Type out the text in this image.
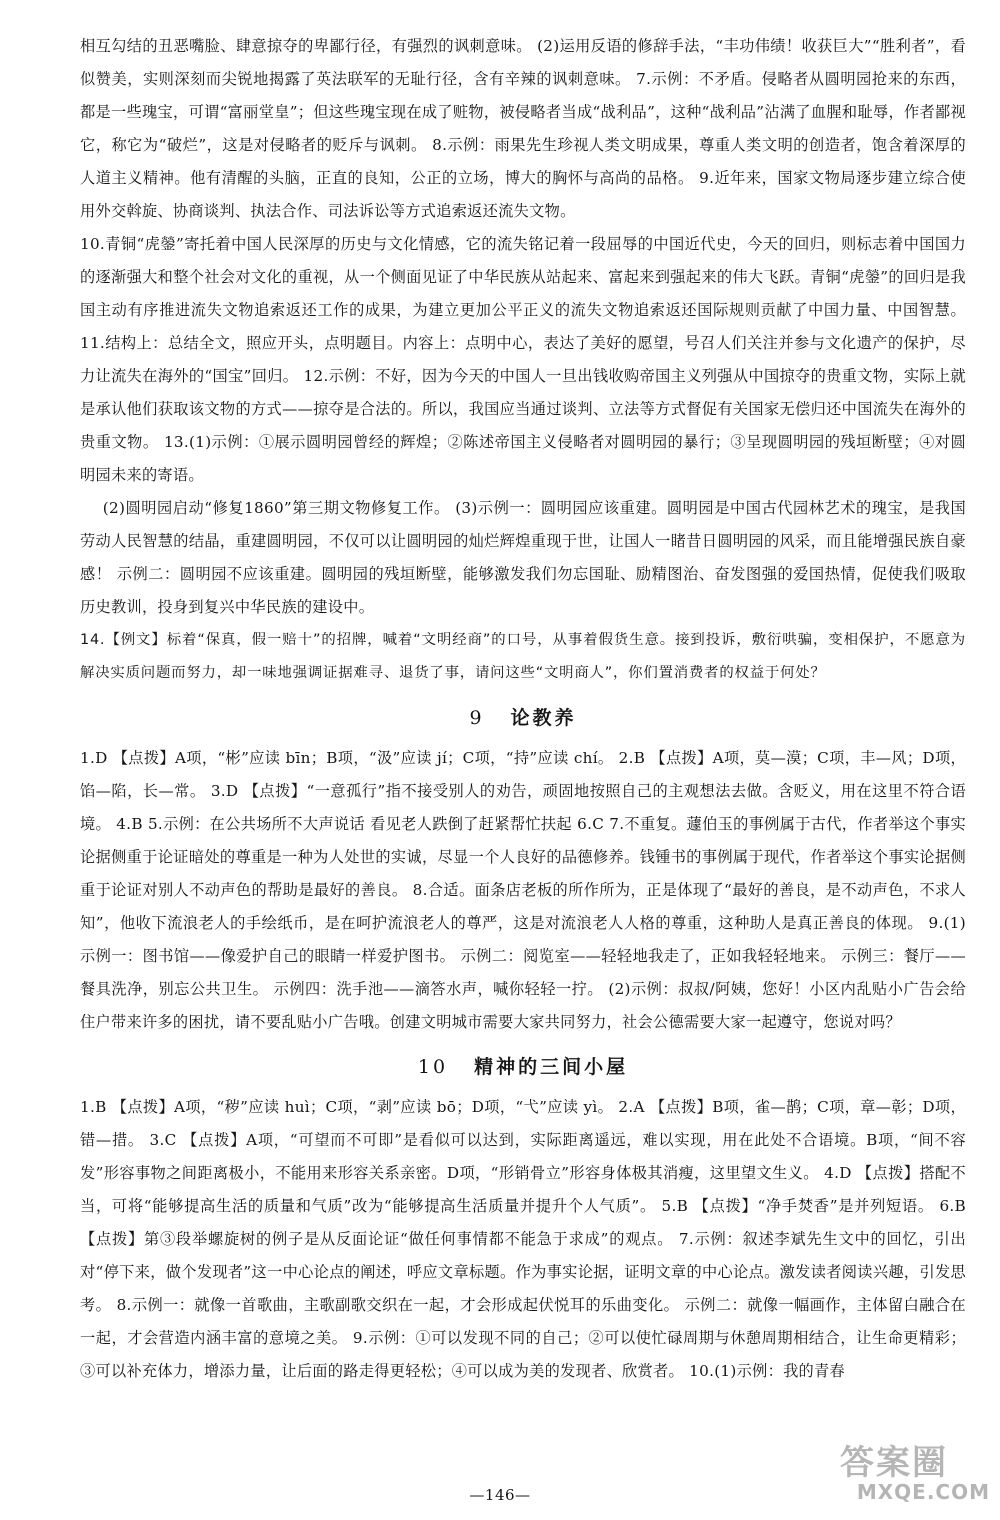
相互勾结的丑恶嘴脸、肆意掠夺的卑鄙行径，有强烈的讽刺意味。 (2)运用反语的修辞手法，“丰功伟绩！收获巨大”“胜利者”，看似赞美，实则深刻而尖锐地揭露了英法联军的无耻行径，含有辛辣的讽刺意味。 7.示例：不矛盾。侵略者从圆明园抢来的东西，都是一些瑰宝，可谓“富丽堂皇”；但这些瑰宝现在成了赃物，被侵略者当成“战利品”，这种“战利品”沾满了血腥和耻辱，作者鄙视它，称它为“破烂”，这是对侵略者的贬斥与讽刺。 8.示例：雨果先生珍视人类文明成果，尊重人类文明的创造者，饱含着深厚的人道主义精神。他有清醒的头脑，正直的良知，公正的立场，博大的胸怀与高尚的品格。 9.近年来，国家文物局逐步建立综合使用外交斡旋、协商谈判、执法合作、司法诉讼等方式追索返还流失文物。

10.青铜“虎鎣”寄托着中国人民深厚的历史与文化情感，它的流失铭记着一段屈辱的中国近代史，今天的回归，则标志着中国国力的逐渐强大和整个社会对文化的重视，从一个侧面见证了中华民族从站起来、富起来到强起来的伟大飞跃。青铜“虎鎣”的回归是我国主动有序推进流失文物追索返还工作的成果，为建立更加公平正义的流失文物追索返还国际规则贡献了中国力量、中国智慧。 11.结构上：总结全文，照应开头，点明题目。内容上：点明中心，表达了美好的愿望，号召人们关注并参与文化遗产的保护，尽力让流失在海外的“国宝”回归。 12.示例：不好，因为今天的中国人一旦出钱收购帝国主义列强从中国掠夺的贵重文物，实际上就是承认他们获取该文物的方式——掠夺是合法的。所以，我国应当通过谈判、立法等方式督促有关国家无偿归还中国流失在海外的贵重文物。 13.(1)示例：①展示圆明园曾经的辉煌；②陈述帝国主义侵略者对圆明园的暴行；③呈现圆明园的残垣断壁；④对圆明园未来的寄语。

(2)圆明园启动“修复1860”第三期文物修复工作。 (3)示例一：圆明园应该重建。圆明园是中国古代园林艺术的瑰宝，是我国劳动人民智慧的结晶，重建圆明园，不仅可以让圆明园的灿烂辉煌重现于世，让国人一睹昔日圆明园的风采，而且能增强民族自豪感！ 示例二：圆明园不应该重建。圆明园的残垣断壁，能够激发我们勿忘国耻、励精图治、奋发图强的爱国热情，促使我们吸取历史教训，投身到复兴中华民族的建设中。

14.【例文】标着“保真，假一赔十”的招牌，喊着“文明经商”的口号，从事着假货生意。接到投诉，敷衍哄骗，变相保护，不愿意为解决实质问题而努力，却一味地强调证据难寻、退货了事，请问这些“文明商人”，你们置消费者的权益于何处？

9 论教养

1.D 【点拨】A项，“彬”应读 bīn；B项，“汲”应读 jí；C项，“持”应读 chí。 2.B 【点拨】A项，莫—漠；C项，丰—风；D项，馅—陷，长—常。 3.D 【点拨】“一意孤行”指不接受别人的劝告，顽固地按照自己的主观想法去做。含贬义，用在这里不符合语境。 4.B 5.示例：在公共场所不大声说话 看见老人跌倒了赶紧帮忙扶起 6.C 7.不重复。蘧伯玉的事例属于古代，作者举这个事实论据侧重于论证暗处的尊重是一种为人处世的实诚，尽显一个人良好的品德修养。钱锺书的事例属于现代，作者举这个事实论据侧重于论证对别人不动声色的帮助是最好的善良。 8.合适。面条店老板的所作所为，正是体现了“最好的善良，是不动声色，不求人知”，他收下流浪老人的手绘纸币，是在呵护流浪老人的尊严，这是对流浪老人人格的尊重，这种助人是真正善良的体现。 9.(1)示例一：图书馆——像爱护自己的眼睛一样爱护图书。 示例二：阅览室——轻轻地我走了，正如我轻轻地来。 示例三：餐厅——餐具洗净，别忘公共卫生。 示例四：洗手池——滴答水声，喊你轻轻一拧。 (2)示例：叔叔/阿姨，您好！小区内乱贴小广告会给住户带来许多的困扰，请不要乱贴小广告哦。创建文明城市需要大家共同努力，社会公德需要大家一起遵守，您说对吗？

10 精神的三间小屋

1.B 【点拨】A项，“秽”应读 huì；C项，“剥”应读 bō；D项，“弋”应读 yì。 2.A 【点拨】B项，雀—鹊；C项，章—彰；D项，错—措。 3.C 【点拨】A项，“可望而不可即”是看似可以达到，实际距离遥远，难以实现，用在此处不合语境。B项，“间不容发”形容事物之间距离极小，不能用来形容关系亲密。D项，“形销骨立”形容身体极其消瘦，这里望文生义。 4.D 【点拨】搭配不当，可将“能够提高生活的质量和气质”改为“能够提高生活质量并提升个人气质”。 5.B 【点拨】“净手焚香”是并列短语。 6.B 【点拨】第③段举螺旋树的例子是从反面论证“做任何事情都不能急于求成”的观点。 7.示例：叙述李斌先生文中的回忆，引出对“停下来，做个发现者”这一中心论点的阐述，呼应文章标题。作为事实论据，证明文章的中心论点。激发读者阅读兴趣，引发思考。 8.示例一：就像一首歌曲，主歌副歌交织在一起，才会形成起伏悦耳的乐曲变化。 示例二：就像一幅画作，主体留白融合在一起，才会营造内涵丰富的意境之美。 9.示例：①可以发现不同的自己；②可以使忙碌周期与休憩周期相结合，让生命更精彩；③可以补充体力，增添力量，让后面的路走得更轻松；④可以成为美的发现者、欣赏者。 10.(1)示例：我的青春

—146—
答案圈
MXQE.COM
